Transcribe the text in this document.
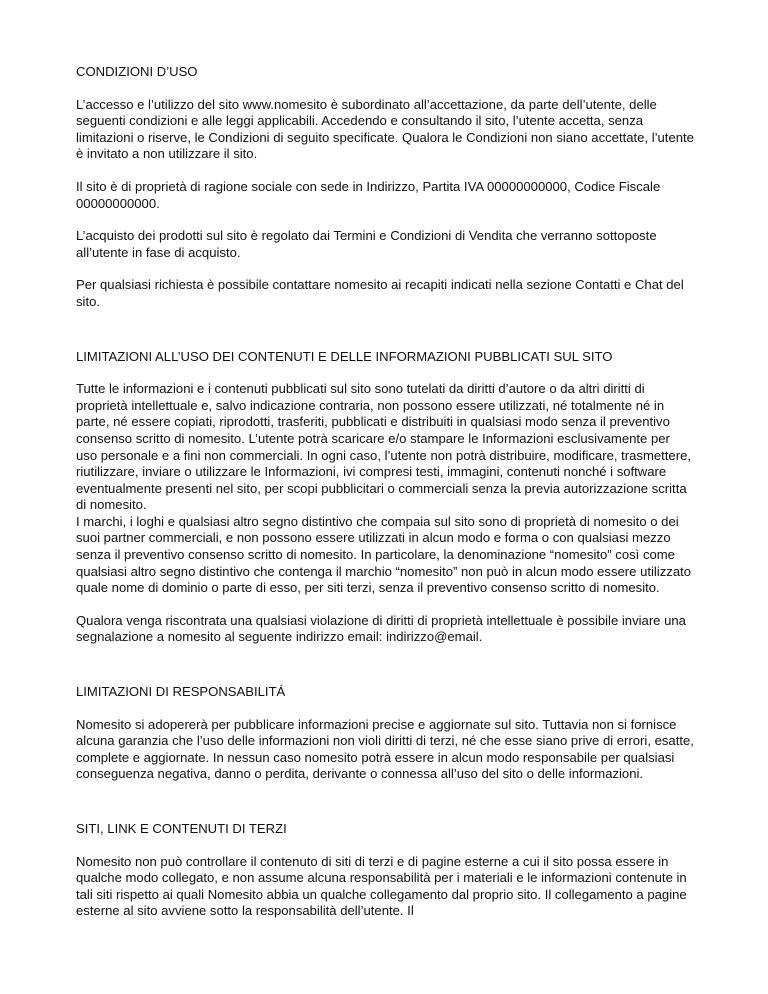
CONDIZIONI D’USO

L’accesso e l’utilizzo del sito www.nomesito è subordinato all’accettazione, da parte dell’utente, delle seguenti condizioni e alle leggi applicabili. Accedendo e consultando il sito, l’utente accetta, senza limitazioni o riserve, le Condizioni di seguito specificate. Qualora le Condizioni non siano accettate, l’utente è invitato a non utilizzare il sito.

Il sito è di proprietà di ragione sociale con sede in Indirizzo, Partita IVA 00000000000, Codice Fiscale 00000000000.

L’acquisto dei prodotti sul sito è regolato dai Termini e Condizioni di Vendita che verranno sottoposte all’utente in fase di acquisto.

Per qualsiasi richiesta è possibile contattare nomesito ai recapiti indicati nella sezione Contatti e Chat del sito.

LIMITAZIONI ALL’USO DEI CONTENUTI E DELLE INFORMAZIONI PUBBLICATI SUL SITO

Tutte le informazioni e i contenuti pubblicati sul sito sono tutelati da diritti d’autore o da altri diritti di proprietà intellettuale e, salvo indicazione contraria, non possono essere utilizzati, né totalmente né in parte, né essere copiati, riprodotti, trasferiti, pubblicati e distribuiti in qualsiasi modo senza il preventivo consenso scritto di nomesito. L’utente potrà scaricare e/o stampare le Informazioni esclusivamente per uso personale e a fini non commerciali. In ogni caso, l’utente non potrà distribuire, modificare, trasmettere, riutilizzare, inviare o utilizzare le Informazioni, ivi compresi testi, immagini, contenuti nonché i software eventualmente presenti nel sito, per scopi pubblicitari o commerciali senza la previa autorizzazione scritta di nomesito.

I marchi, i loghi e qualsiasi altro segno distintivo che compaia sul sito sono di proprietà di nomesito o dei suoi partner commerciali, e non possono essere utilizzati in alcun modo e forma o con qualsiasi mezzo senza il preventivo consenso scritto di nomesito. In particolare, la denominazione “nomesito” così come qualsiasi altro segno distintivo che contenga il marchio “nomesito” non può in alcun modo essere utilizzato quale nome di dominio o parte di esso, per siti terzi, senza il preventivo consenso scritto di nomesito.

Qualora venga riscontrata una qualsiasi violazione di diritti di proprietà intellettuale è possibile inviare una segnalazione a nomesito al seguente indirizzo email: indirizzo@email.

LIMITAZIONI DI RESPONSABILITÁ

Nomesito si adopererà per pubblicare informazioni precise e aggiornate sul sito. Tuttavia non si fornisce alcuna garanzia che l’uso delle informazioni non violi diritti di terzi, né che esse siano prive di errori, esatte, complete e aggiornate. In nessun caso nomesito potrà essere in alcun modo responsabile per qualsiasi conseguenza negativa, danno o perdita, derivante o connessa all’uso del sito o delle informazioni.

SITI, LINK E CONTENUTI DI TERZI

Nomesito non può controllare il contenuto di siti di terzi e di pagine esterne a cui il sito possa essere in qualche modo collegato, e non assume alcuna responsabilità per i materiali e le informazioni contenute in tali siti rispetto ai quali Nomesito abbia un qualche collegamento dal proprio sito. Il collegamento a pagine esterne al sito avviene sotto la responsabilità dell’utente. Il
